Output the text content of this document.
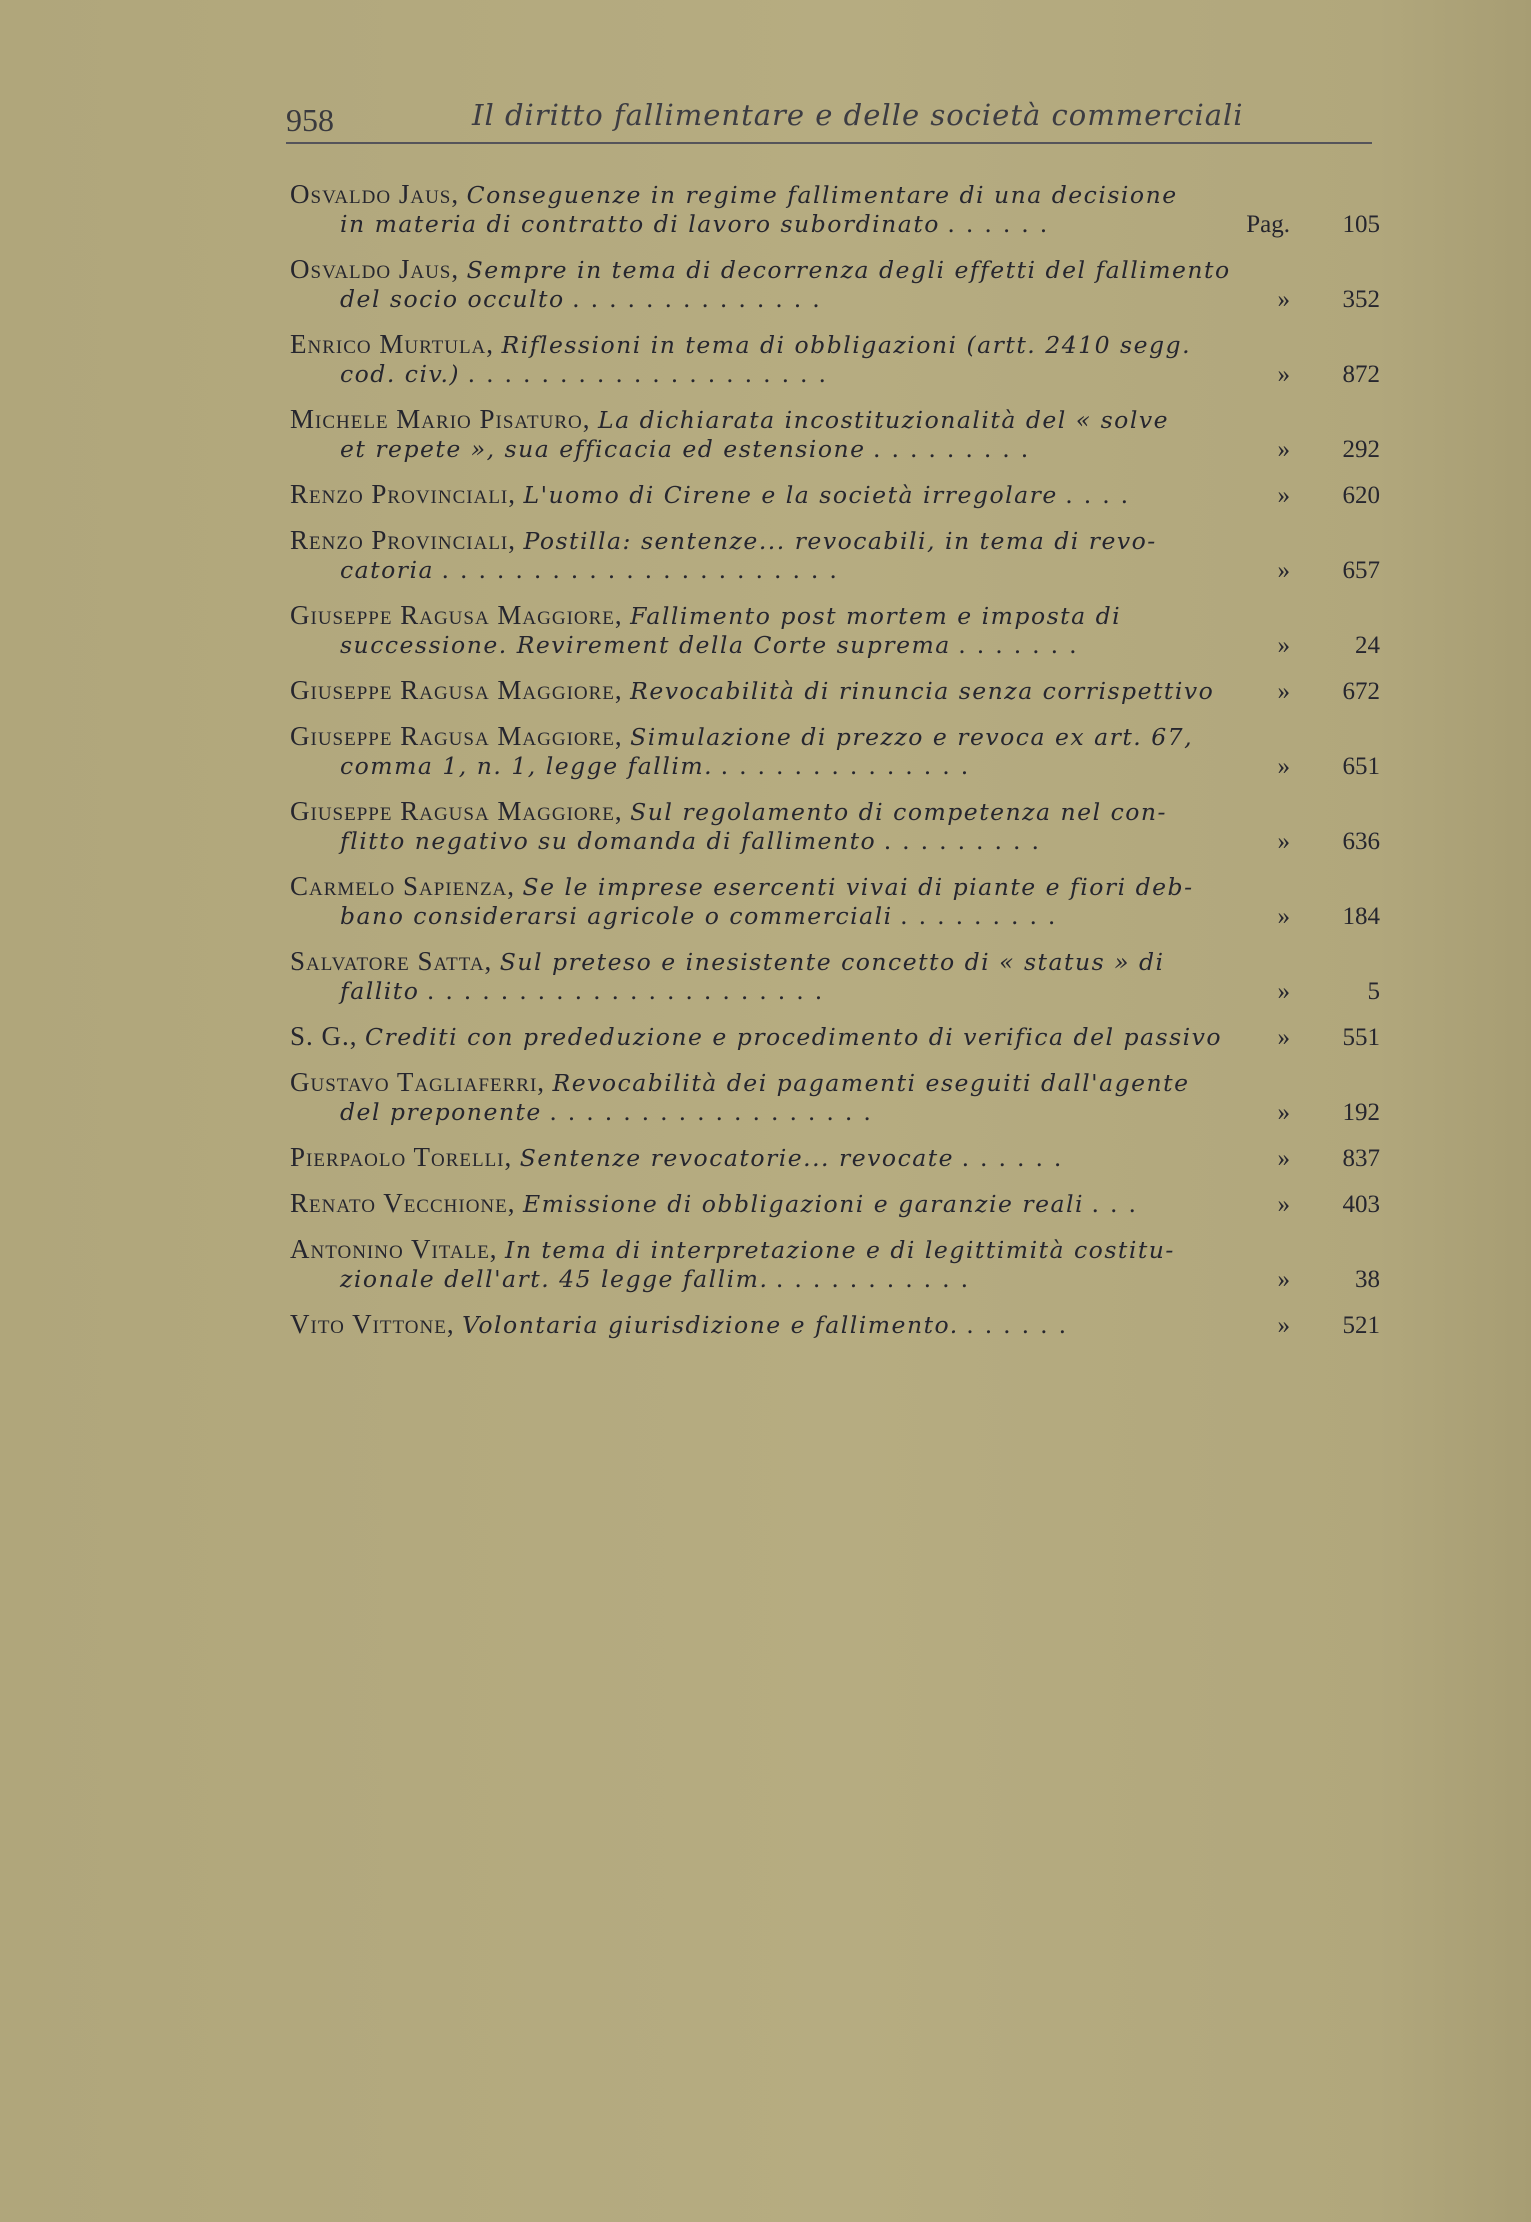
958	Il diritto fallimentare e delle società commerciali
Osvaldo Jaus, Conseguenze in regime fallimentare di una decisione
in materia di contratto di lavoro subordinato ......	Pag.	105
Osvaldo Jaus, Sempre in tema di decorrenza degli effetti del fallimento
del socio occulto ..............	»	352
Enrico Murtula, Riflessioni in tema di obbligazioni (artt. 2410 segg.
cod. civ.) ....................	»	872
Michele Mario Pisaturo, La dichiarata incostituzionalità del « solve
et repete », sua efficacia ed estensione .........	»	292
Renzo Provinciali, L'uomo di Cirene e la società irregolare ....	»	620
Renzo Provinciali, Postilla: sentenze... revocabili, in tema di revo-
catoria ......................	»	657
Giuseppe Ragusa Maggiore, Fallimento post mortem e imposta di
successione. Revirement della Corte suprema .......	»	24
Giuseppe Ragusa Maggiore, Revocabilità di rinuncia senza corrispettivo	»	672
Giuseppe Ragusa Maggiore, Simulazione di prezzo e revoca ex art. 67,
comma 1, n. 1, legge fallim. ..............	»	651
Giuseppe Ragusa Maggiore, Sul regolamento di competenza nel con-
flitto negativo su domanda di fallimento .........	»	636
Carmelo Sapienza, Se le imprese esercenti vivai di piante e fiori deb-
bano considerarsi agricole o commerciali .........	»	184
Salvatore Satta, Sul preteso e inesistente concetto di « status » di
fallito ......................	»	5
S. G., Crediti con prededuzione e procedimento di verifica del passivo	»	551
Gustavo Tagliaferri, Revocabilità dei pagamenti eseguiti dall'agente
del preponente ..................	»	192
Pierpaolo Torelli, Sentenze revocatorie... revocate ......	»	837
Renato Vecchione, Emissione di obbligazioni e garanzie reali ...	»	403
Antonino Vitale, In tema di interpretazione e di legittimità costitu-
zionale dell'art. 45 legge fallim. ...........	»	38
Vito Vittone, Volontaria giurisdizione e fallimento. ......	»	521
